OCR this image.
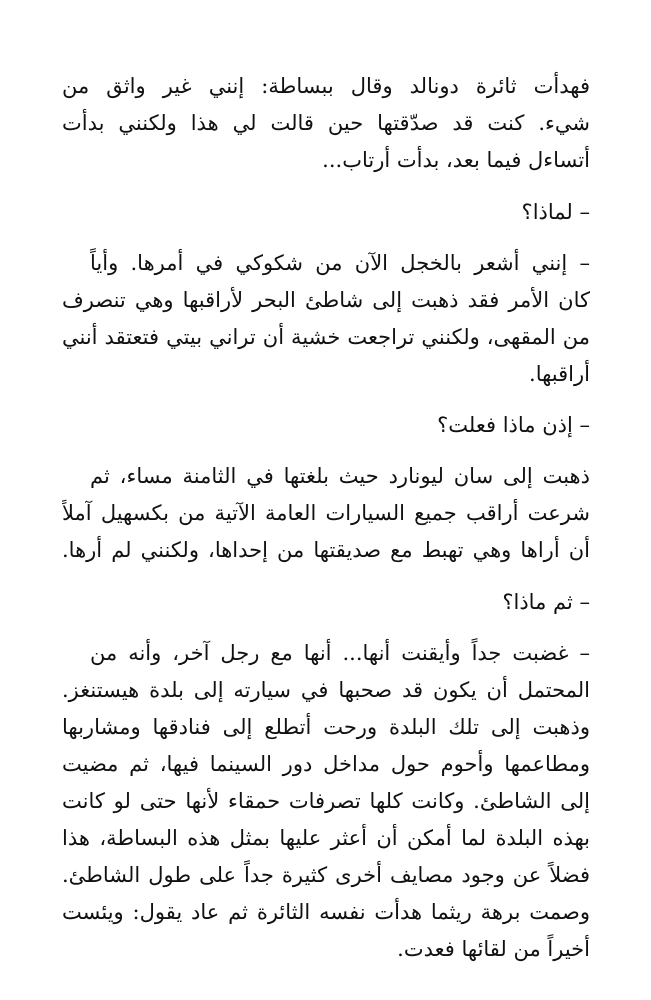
فهدأت ثائرة دونالد وقال ببساطة: إنني غير واثق من
شيء. كنت قد صدّقتها حين قالت لي هذا ولكنني بدأت
أتساءل فيما بعد، بدأت أرتاب...
– لماذا؟
– إنني أشعر بالخجل الآن من شكوكي في أمرها. وأياً
كان الأمر فقد ذهبت إلى شاطئ البحر لأراقبها وهي تنصرف
من المقهى، ولكنني تراجعت خشية أن تراني بيتي فتعتقد أنني
أراقبها.
– إذن ماذا فعلت؟
ذهبت إلى سان ليونارد حيث بلغتها في الثامنة مساء، ثم
شرعت أراقب جميع السيارات العامة الآتية من بكسهيل آملاً
أن أراها وهي تهبط مع صديقتها من إحداها، ولكنني لم أرها.
– ثم ماذا؟
– غضبت جداً وأيقنت أنها... أنها مع رجل آخر، وأنه من
المحتمل أن يكون قد صحبها في سيارته إلى بلدة هيستنغز.
وذهبت إلى تلك البلدة ورحت أتطلع إلى فنادقها ومشاربها
ومطاعمها وأحوم حول مداخل دور السينما فيها، ثم مضيت
إلى الشاطئ. وكانت كلها تصرفات حمقاء لأنها حتى لو كانت
بهذه البلدة لما أمكن أن أعثر عليها بمثل هذه البساطة، هذا
فضلاً عن وجود مصايف أخرى كثيرة جداً على طول الشاطئ.
وصمت برهة ريثما هدأت نفسه الثائرة ثم عاد يقول: ويئست
أخيراً من لقائها فعدت.
